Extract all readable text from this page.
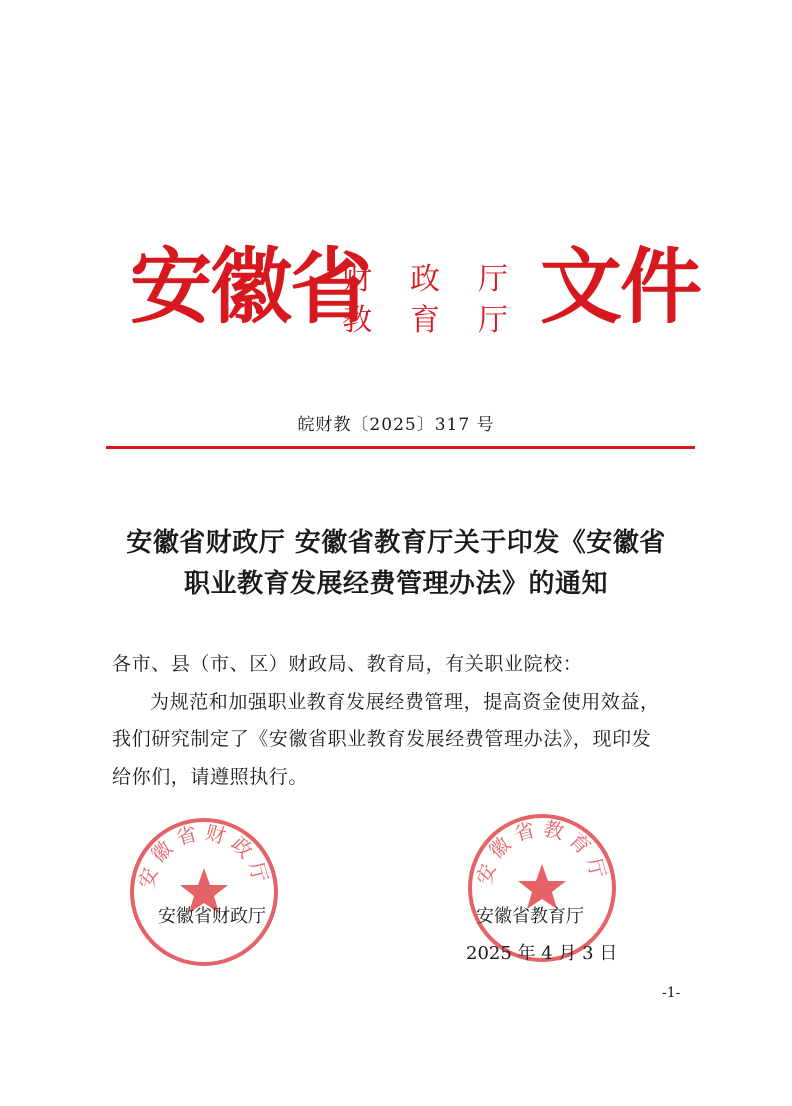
安徽省
财政厅
教育厅
文件
皖财教〔2025〕317 号
安徽省财政厅 安徽省教育厅关于印发《安徽省
职业教育发展经费管理办法》的通知
各市、县（市、区）财政局、教育局，有关职业院校：
为规范和加强职业教育发展经费管理，提高资金使用效益，
我们研究制定了《安徽省职业教育发展经费管理办法》，现印发
给你们，请遵照执行。
安徽省财政厅	安徽省教育厅
安徽省财政厅	安徽省教育厅
2025 年 4 月 3 日
-1-
